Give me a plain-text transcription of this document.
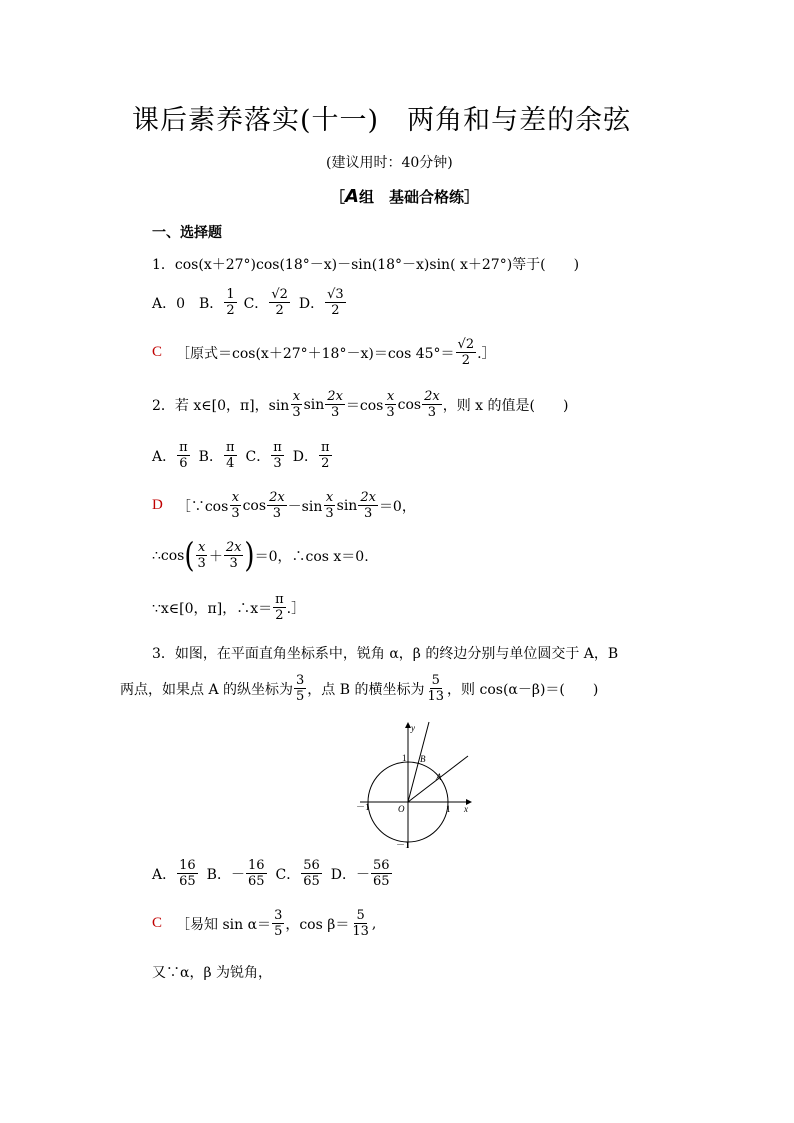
课后素养落实(十一)　两角和与差的余弦
(建议用时：40分钟)
［A组　基础合格练］
一、选择题
1．cos(x＋27°)cos(18°－x)－sin(18°－x)sin( x＋27°)等于(　　)
A．0　B． $\frac{1}{2}$ C． $\frac{√2}{2}$ D． $\frac{√3}{2}$
C ［原式＝cos(x＋27°＋18°－x)＝cos $45^\circ= \frac{√2}{2}$ .］
2．若 x∈[0，π]，$\sin \frac{x}{3}$ $\sin \frac{2x}{3} =\cos \frac{x}{3}$ $\cos \frac{2x}{3}$ ，则 x 的值是(　　)
A． $\frac{\pi}{6}$ B． $\frac{\pi}{4}$ C． $\frac{\pi}{3}$ D． $\frac{\pi}{2}$
D ［∵cos $\frac{x}{3}$ $\cos \frac{2x}{3} -\sin \frac{x}{3}$ $\sin \frac{2x}{3} =0$，
∴cos ( $\frac{x}{3} + \frac{2x}{3}$ ) ＝0，∴cos x＝0.
∵x∈[0，π]，∴x＝ $\frac{\pi}{2}$ .］
3．如图，在平面直角坐标系中，锐角 α，β 的终边分别与单位圆交于 A，B
两点，如果点 A 的纵坐标为 $\frac{3}{5}$ ，点 B 的横坐标为 $\frac{5}{13}$ ，则 cos(α－β)＝(　　)
y
1 B
A
－1	O	1 x
－1
A． $\frac{16}{65}$ B．－ $\frac{16}{65}$ C． $\frac{56}{65}$ D．－ $\frac{56}{65}$
C ［易知 $\sin \alpha= \frac{3}{5}$ ，$\cos \beta= \frac{5}{13}$ ,
又∵α，β 为锐角，
